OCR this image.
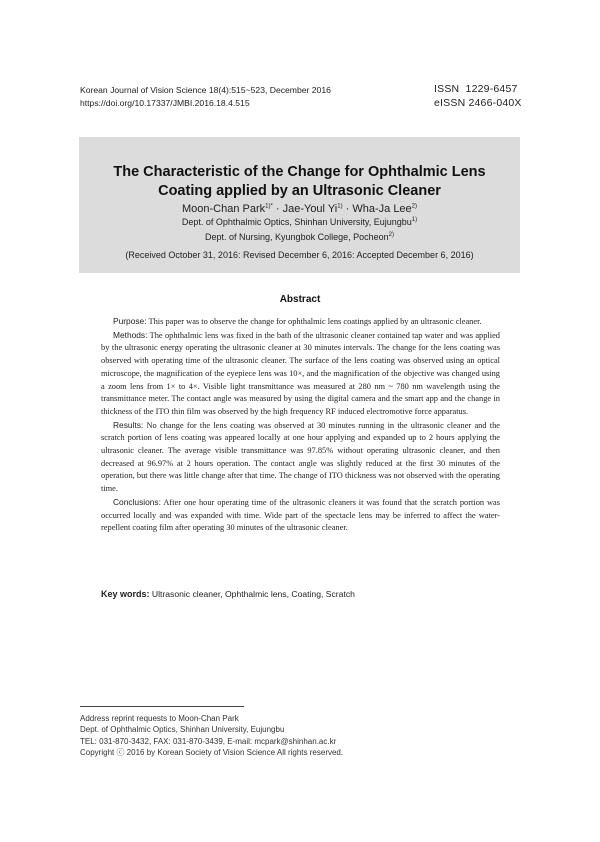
Korean Journal of Vision Science 18(4):515~523, December 2016
https://doi.org/10.17337/JMBI.2016.18.4.515
ISSN  1229-6457
eISSN 2466-040X
The Characteristic of the Change for Ophthalmic Lens
Coating applied by an Ultrasonic Cleaner
Moon-Chan Park$^{1)*}$ · Jae-Youl $Yi^{1)} \cdot Wha-Ja$ Lee$^{2)}$
Dept. of Ophthalmic Optics, Shinhan University, Eujungbu$^{1)}$
Dept. of Nursing, Kyungbok College, Pocheon$^{2)}$
(Received October 31, 2016: Revised December 6, 2016: Accepted December 6, 2016)
Abstract

Purpose: This paper was to observe the change for ophthalmic lens coatings applied by an ultrasonic cleaner.

Methods: The ophthalmic lens was fixed in the bath of the ultrasonic cleaner contained tap water and was applied by the ultrasonic energy operating the ultrasonic cleaner at 30 minutes intervals. The change for the lens coating was observed with operating time of the ultrasonic cleaner. The surface of the lens coating was observed using an optical microscope, the magnification of the eyepiece lens was 10×, and the magnification of the objective was changed using a zoom lens from 1× to 4×. Visible light transmittance was measured at 280 nm ~ 780 nm wavelength using the transmittance meter. The contact angle was measured by using the digital camera and the smart app and the change in thickness of the ITO thin film was observed by the high frequency RF induced electromotive force apparatus.

Results: No change for the lens coating was observed at 30 minutes running in the ultrasonic cleaner and the scratch portion of lens coating was appeared locally at one hour applying and expanded up to 2 hours applying the ultrasonic cleaner. The average visible transmittance was 97.85% without operating ultrasonic cleaner, and then decreased at 96.97% at 2 hours operation. The contact angle was slightly reduced at the first 30 minutes of the operation, but there was little change after that time. The change of ITO thickness was not observed with the operating time.

Conclusions: After one hour operating time of the ultrasonic cleaners it was found that the scratch portion was occurred locally and was expanded with time. Wide part of the spectacle lens may be inferred to affect the water-repellent coating film after operating 30 minutes of the ultrasonic cleaner.

Key words: Ultrasonic cleaner, Ophthalmic lens, Coating, Scratch
Address reprint requests to Moon-Chan Park
Dept. of Ophthalmic Optics, Shinhan University, Eujungbu
TEL: 031-870-3432, FAX: 031-870-3439, E-mail: mcpark@shinhan.ac.kr
Copyright ⓒ 2016 by Korean Society of Vision Science All rights reserved.
